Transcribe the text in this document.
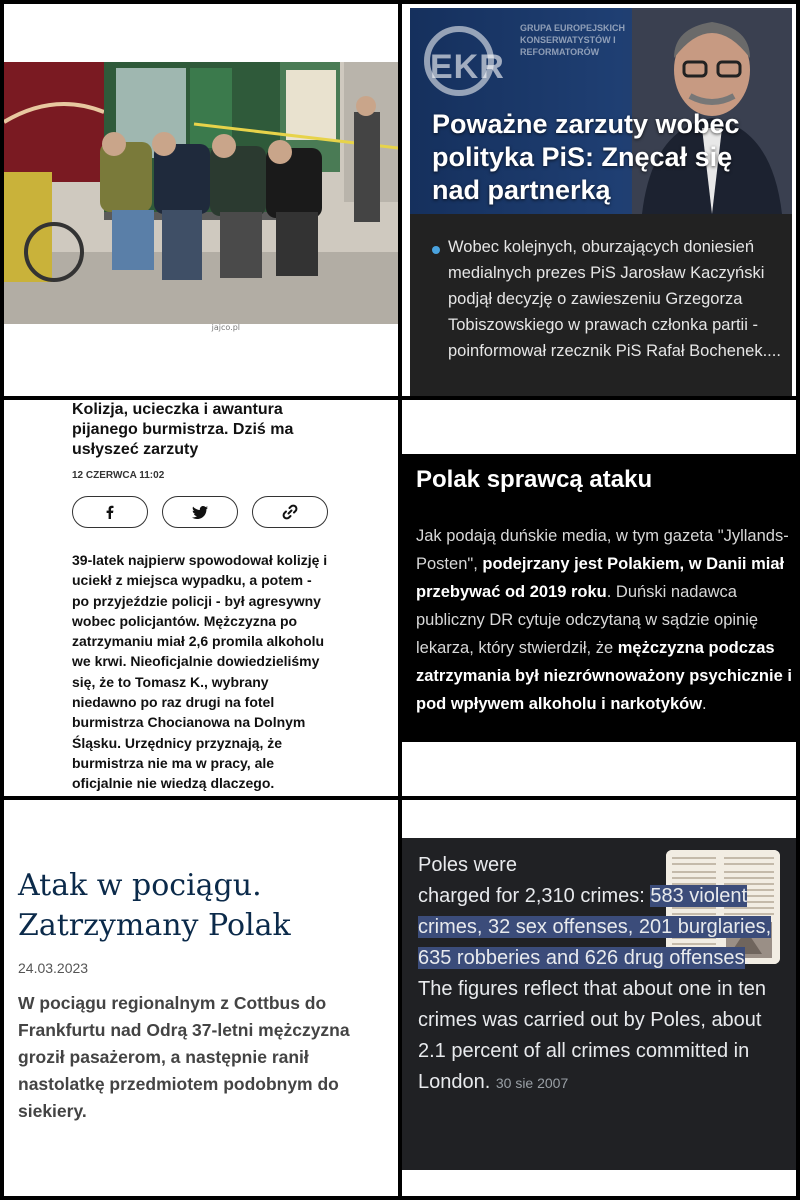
jajco.pl
EKR
GRUPA EUROPEJSKICH KONSERWATYSTÓW I REFORMATORÓW
Poważne zarzuty wobec polityka PiS: Znęcał się nad partnerką
Wobec kolejnych, oburzających doniesień medialnych prezes PiS Jarosław Kaczyński podjął decyzję o zawieszeniu Grzegorza Tobiszowskiego w prawach członka partii - poinformował rzecznik PiS Rafał Bochenek....
Kolizja, ucieczka i awantura pijanego burmistrza. Dziś ma usłyszeć zarzuty
12 CZERWCA 11:02
39-latek najpierw spowodował kolizję i uciekł z miejsca wypadku, a potem - po przyjeździe policji - był agresywny wobec policjantów. Mężczyzna po zatrzymaniu miał 2,6 promila alkoholu we krwi. Nieoficjalnie dowiedzieliśmy się, że to Tomasz K., wybrany niedawno po raz drugi na fotel burmistrza Chocianowa na Dolnym Śląsku. Urzędnicy przyznają, że burmistrza nie ma w pracy, ale oficjalnie nie wiedzą dlaczego.
Polak sprawcą ataku
Jak podają duńskie media, w tym gazeta "Jyllands-Posten", podejrzany jest Polakiem, w Danii miał przebywać od 2019 roku. Duński nadawca publiczny DR cytuje odczytaną w sądzie opinię lekarza, który stwierdził, że mężczyzna podczas zatrzymania był niezrównoważony psychicznie i pod wpływem alkoholu i narkotyków.
Atak w pociągu. Zatrzymany Polak
24.03.2023
W pociągu regionalnym z Cottbus do Frankfurtu nad Odrą 37-letni mężczyzna groził pasażerom, a następnie ranił nastolatkę przedmiotem podobnym do siekiery.
Poles were charged for 2,310 crimes: 583 violent crimes, 32 sex offenses, 201 burglaries, 635 robberies and 626 drug offenses. The figures reflect that about one in ten crimes was carried out by Poles, about 2.1 percent of all crimes committed in London. 30 sie 2007
